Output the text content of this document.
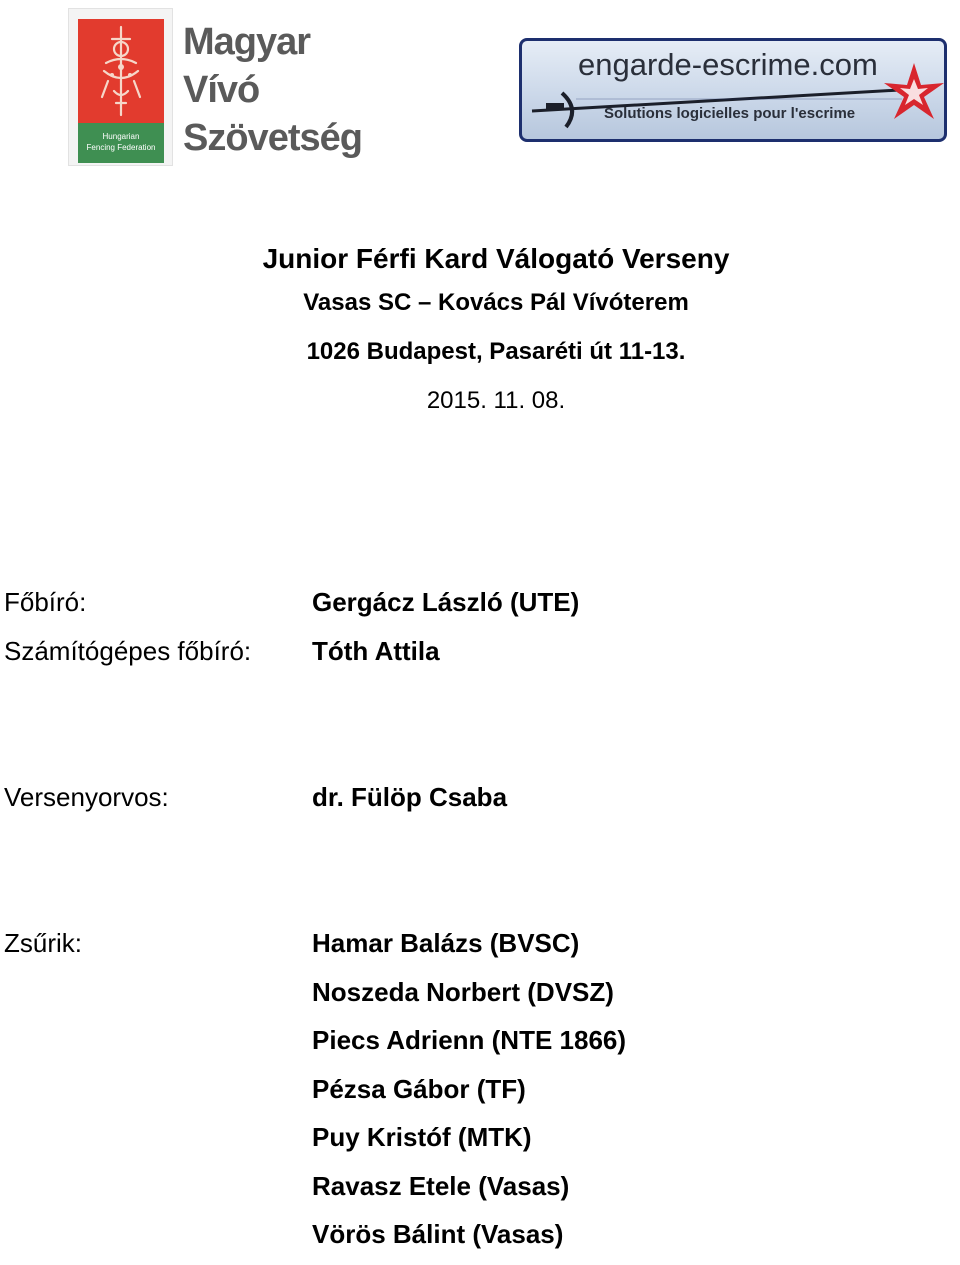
Hungarian
Fencing Federation
Magyar
Vívó
Szövetség
engarde-escrime.com
Solutions logicielles pour l'escrime
Junior Férfi Kard Válogató Verseny
Vasas SC – Kovács Pál Vívóterem
1026 Budapest, Pasaréti út 11-13.
2015. 11. 08.
Főbíró:	Gergácz László (UTE)
Számítógépes főbíró: Tóth Attila
Versenyorvos:	dr. Fülöp Csaba
Zsűrik:	Hamar Balázs (BVSC)
Noszeda Norbert (DVSZ)
Piecs Adrienn (NTE 1866)
Pézsa Gábor (TF)
Puy Kristóf (MTK)
Ravasz Etele (Vasas)
Vörös Bálint (Vasas)
